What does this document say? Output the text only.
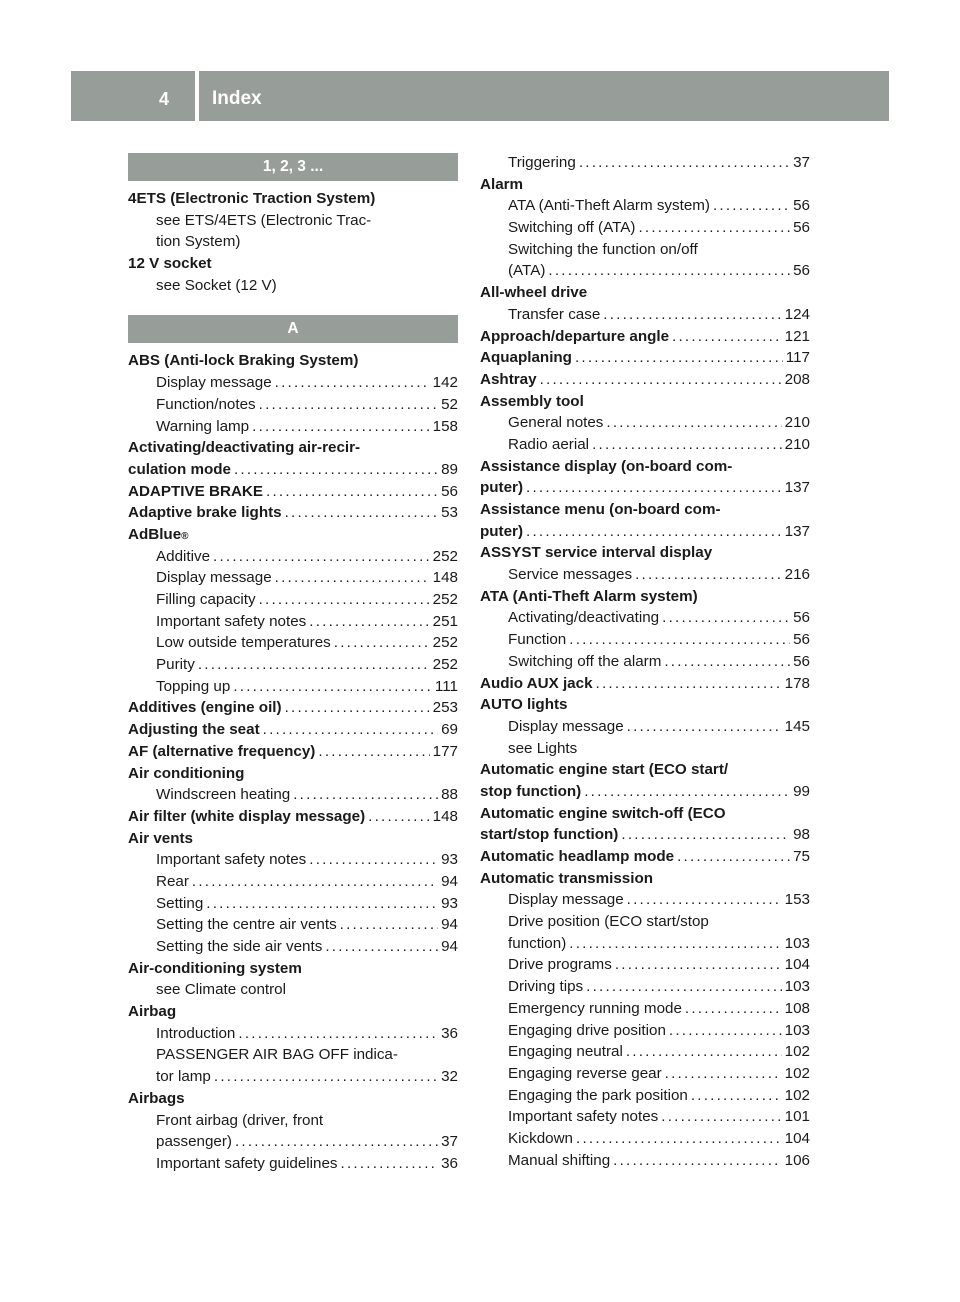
4 Index
1, 2, 3 ...
4ETS (Electronic Traction System)
see ETS/4ETS (Electronic Trac-
tion System)
12 V socket
see Socket (12 V)
A
ABS (Anti-lock Braking System)
Display message . . .	142
Function/notes . . .	52
Warning lamp . . .	158
Activating/deactivating air-recir-
culation mode . . .	89
ADAPTIVE BRAKE . . .	56
Adaptive brake lights . . .	53
AdBlue ®
Additive . . .	252
Display message . . .	148
Filling capacity . . .	252
Important safety notes . . .	251
Low outside temperatures . . .	252
Purity . . .	252
Topping up . . .	111
Additives (engine oil) . . .	253
Adjusting the seat . . .	69
AF (alternative frequency) . . .	177
Air conditioning
Windscreen heating . . .	88
Air filter (white display message) . . .	148
Air vents
Important safety notes . . .	93
Rear . . .	94
Setting . . .	93
Setting the centre air vents . . .	94
Setting the side air vents . . .	94
Air-conditioning system
see Climate control
Airbag
Introduction . . .	36
PASSENGER AIR BAG OFF indica-
tor lamp . . .	32
Airbags
Front airbag (driver, front
passenger) . . .	37
Important safety guidelines . . .	36
Triggering . . .	37
Alarm
ATA (Anti-Theft Alarm system) . . .	56
Switching off (ATA) . . .	56
Switching the function on/off
(ATA) . . .	56
All-wheel drive
Transfer case . . .	124
Approach/departure angle . . .	121
Aquaplaning . . .	117
Ashtray . . .	208
Assembly tool
General notes . . .	210
Radio aerial . . .	210
Assistance display (on-board com-
puter) . . .	137
Assistance menu (on-board com-
puter) . . .	137
ASSYST service interval display
Service messages . . .	216
ATA (Anti-Theft Alarm system)
Activating/deactivating . . .	56
Function . . .	56
Switching off the alarm . . .	56
Audio AUX jack . . .	178
AUTO lights
Display message . . .	145
see Lights
Automatic engine start (ECO start/
stop function) . . .	99
Automatic engine switch-off (ECO
start/stop function) . . .	98
Automatic headlamp mode . . .	75
Automatic transmission
Display message . . .	153
Drive position (ECO start/stop
function) . . .	103
Drive programs . . .	104
Driving tips . . .	103
Emergency running mode . . .	108
Engaging drive position . . .	103
Engaging neutral . . .	102
Engaging reverse gear . . .	102
Engaging the park position . . .	102
Important safety notes . . .	101
Kickdown . . .	104
Manual shifting . . .	106
